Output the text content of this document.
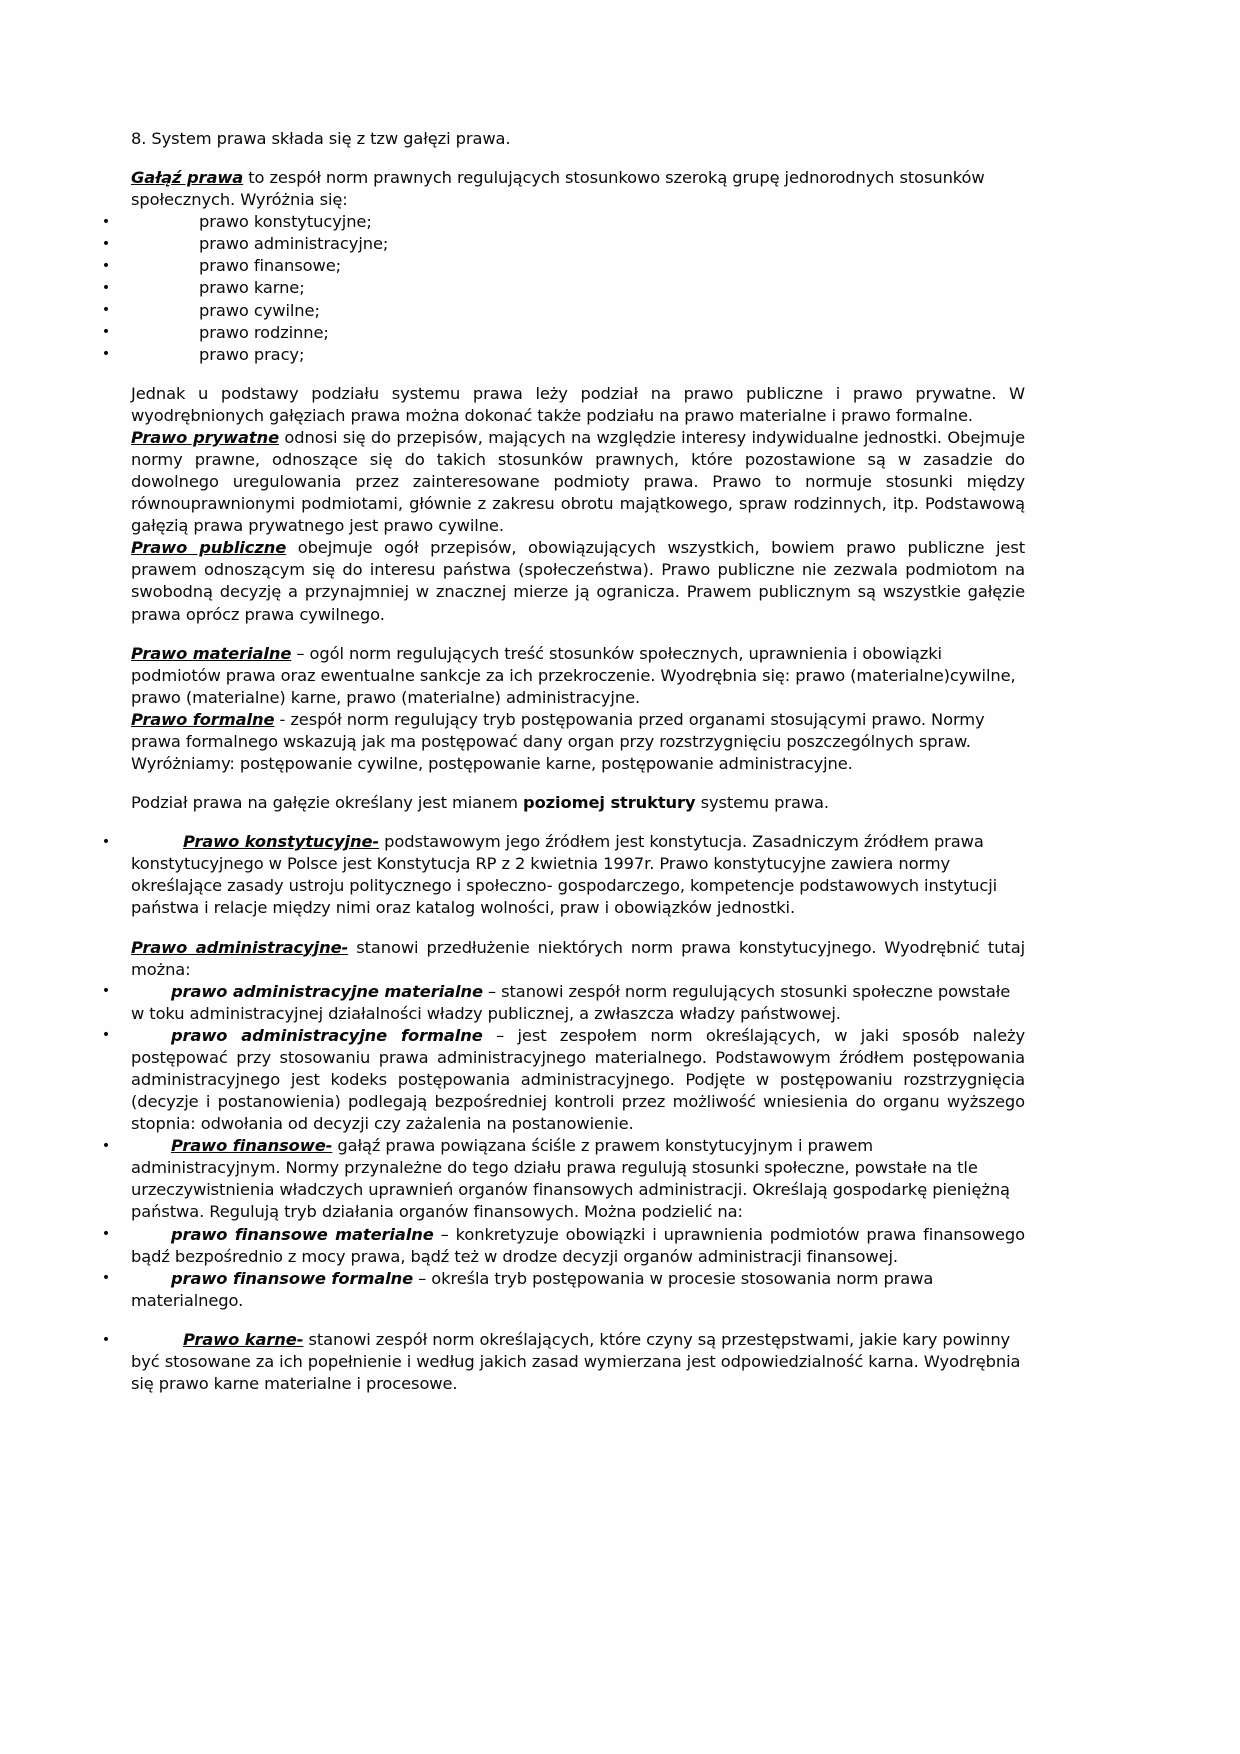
8. System prawa składa się z tzw gałęzi prawa.

Gałąź prawa to zespół norm prawnych regulujących stosunkowo szeroką grupę jednorodnych stosunków społecznych. Wyróżnia się:

•	prawo konstytucyjne;
•	prawo administracyjne;
•	prawo finansowe;
•	prawo karne;
•	prawo cywilne;
•	prawo rodzinne;
•	prawo pracy;

Jednak u podstawy podziału systemu prawa leży podział na prawo publiczne i prawo prywatne. W wyodrębnionych gałęziach prawa można dokonać także podziału na prawo materialne i prawo formalne.

Prawo prywatne odnosi się do przepisów, mających na względzie interesy indywidualne jednostki. Obejmuje normy prawne, odnoszące się do takich stosunków prawnych, które pozostawione są w zasadzie do dowolnego uregulowania przez zainteresowane podmioty prawa. Prawo to normuje stosunki między równouprawnionymi podmiotami, głównie z zakresu obrotu majątkowego, spraw rodzinnych, itp. Podstawową gałęzią prawa prywatnego jest prawo cywilne.

Prawo publiczne obejmuje ogół przepisów, obowiązujących wszystkich, bowiem prawo publiczne jest prawem odnoszącym się do interesu państwa (społeczeństwa). Prawo publiczne nie zezwala podmiotom na swobodną decyzję a przynajmniej w znacznej mierze ją ogranicza. Prawem publicznym są wszystkie gałęzie prawa oprócz prawa cywilnego.

Prawo materialne – ogól norm regulujących treść stosunków społecznych, uprawnienia i obowiązki podmiotów prawa oraz ewentualne sankcje za ich przekroczenie. Wyodrębnia się: prawo (materialne)cywilne, prawo (materialne) karne, prawo (materialne) administracyjne.

Prawo formalne - zespół norm regulujący tryb postępowania przed organami stosującymi prawo. Normy prawa formalnego wskazują jak ma postępować dany organ przy rozstrzygnięciu poszczególnych spraw. Wyróżniamy: postępowanie cywilne, postępowanie karne, postępowanie administracyjne.

Podział prawa na gałęzie określany jest mianem poziomej struktury systemu prawa.

•	Prawo konstytucyjne- podstawowym jego źródłem jest konstytucja. Zasadniczym źródłem prawa konstytucyjnego w Polsce jest Konstytucja RP z 2 kwietnia 1997r. Prawo konstytucyjne zawiera normy określające zasady ustroju politycznego i społeczno- gospodarczego, kompetencje podstawowych instytucji państwa i relacje między nimi oraz katalog wolności, praw i obowiązków jednostki.

Prawo administracyjne- stanowi przedłużenie niektórych norm prawa konstytucyjnego. Wyodrębnić tutaj można:

•	prawo administracyjne materialne – stanowi zespół norm regulujących stosunki społeczne powstałe w toku administracyjnej działalności władzy publicznej, a zwłaszcza władzy państwowej.
•	prawo administracyjne formalne – jest zespołem norm określających, w jaki sposób należy postępować przy stosowaniu prawa administracyjnego materialnego. Podstawowym źródłem postępowania administracyjnego jest kodeks postępowania administracyjnego. Podjęte w postępowaniu rozstrzygnięcia (decyzje i postanowienia) podlegają bezpośredniej kontroli przez możliwość wniesienia do organu wyższego stopnia: odwołania od decyzji czy zażalenia na postanowienie.
•	Prawo finansowe- gałąź prawa powiązana ściśle z prawem konstytucyjnym i prawem administracyjnym. Normy przynależne do tego działu prawa regulują stosunki społeczne, powstałe na tle urzeczywistnienia władczych uprawnień organów finansowych administracji. Określają gospodarkę pieniężną państwa. Regulują tryb działania organów finansowych. Można podzielić na:
•	prawo finansowe materialne – konkretyzuje obowiązki i uprawnienia podmiotów prawa finansowego bądź bezpośrednio z mocy prawa, bądź też w drodze decyzji organów administracji finansowej.
•	prawo finansowe formalne – określa tryb postępowania w procesie stosowania norm prawa materialnego.
•	Prawo karne- stanowi zespół norm określających, które czyny są przestępstwami, jakie kary powinny być stosowane za ich popełnienie i według jakich zasad wymierzana jest odpowiedzialność karna. Wyodrębnia się prawo karne materialne i procesowe.
